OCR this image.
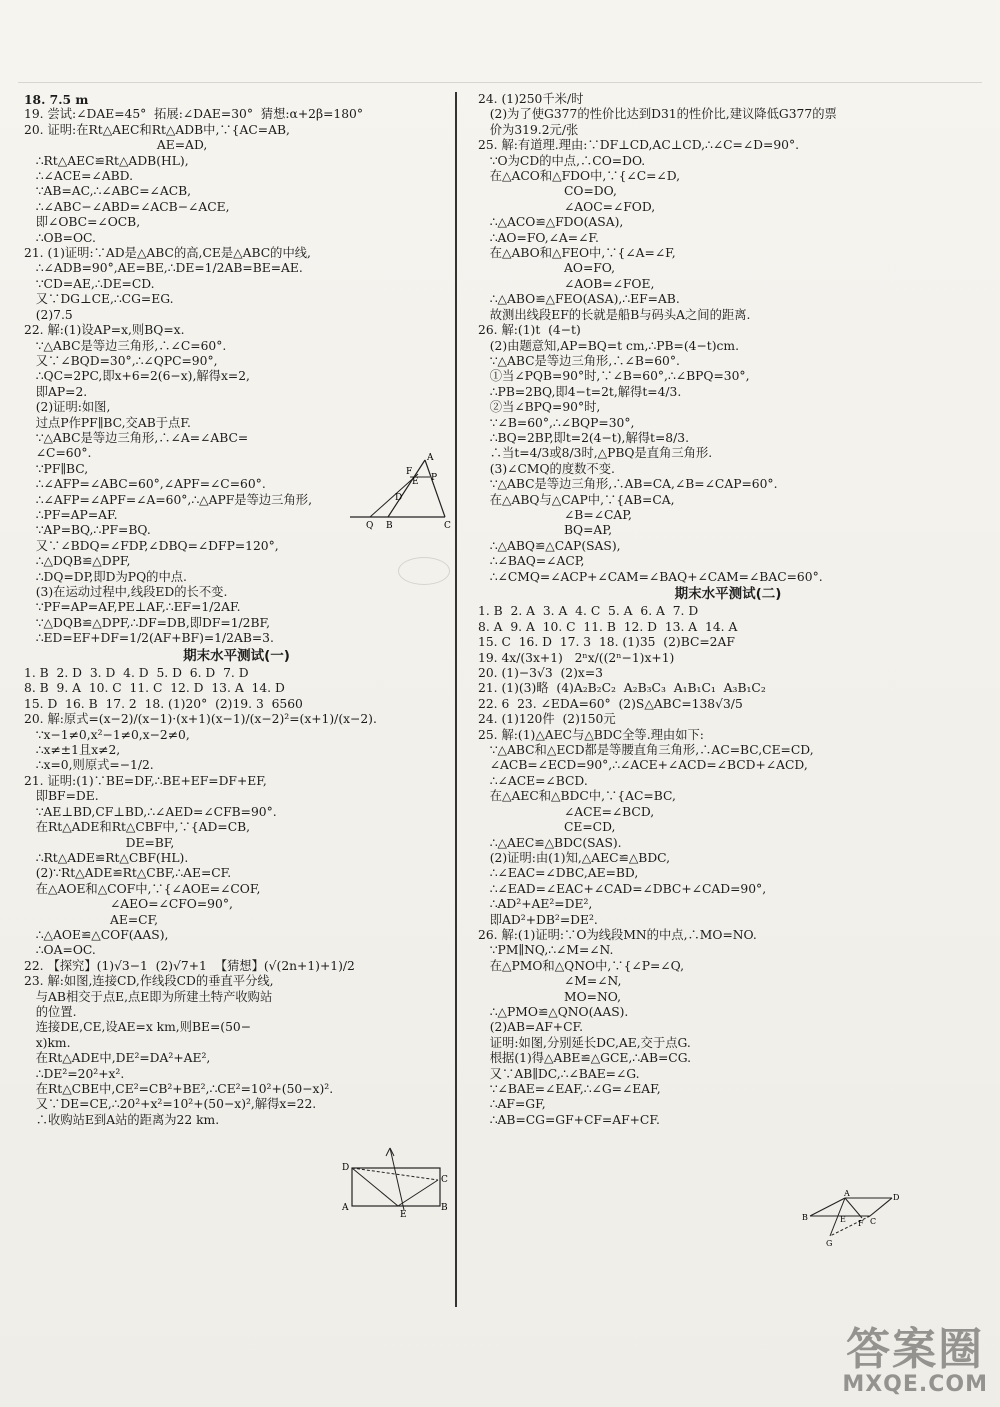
18. 7.5 m
19. 尝试:∠DAE=45°  拓展:∠DAE=30°  猜想:α+2β=180°
20. 证明:在Rt△AEC和Rt△ADB中,∵{AC=AB,
AE=AD,
∴Rt△AEC≌Rt△ADB(HL),
∴∠ACE=∠ABD.
∵AB=AC,∴∠ABC=∠ACB,
∴∠ABC−∠ABD=∠ACB−∠ACE,
即∠OBC=∠OCB,
∴OB=OC.
21. (1)证明:∵AD是△ABC的高,CE是△ABC的中线,
∴∠ADB=90°,AE=BE,∴DE=1/2AB=BE=AE.
∵CD=AE,∴DE=CD.
又∵DG⊥CE,∴CG=EG.
(2)7.5
22. 解:(1)设AP=x,则BQ=x.
∵△ABC是等边三角形,∴∠C=60°.
又∵∠BQD=30°,∴∠QPC=90°,
∴QC=2PC,即x+6=2(6−x),解得x=2,
即AP=2.
(2)证明:如图,
过点P作PF∥BC,交AB于点F.
∵△ABC是等边三角形,∴∠A=∠ABC=
∠C=60°.
∵PF∥BC,
∴∠AFP=∠ABC=60°,∠APF=∠C=60°.
∴∠AFP=∠APF=∠A=60°,∴△APF是等边三角形,
∴PF=AP=AF.
∵AP=BQ,∴PF=BQ.
又∵∠BDQ=∠FDP,∠DBQ=∠DFP=120°,
∴△DQB≌△DPF,
∴DQ=DP,即D为PQ的中点.
(3)在运动过程中,线段ED的长不变.
∵PF=AP=AF,PE⊥AF,∴EF=1/2AF.
∵△DQB≌△DPF,∴DF=DB,即DF=1/2BF,
∴ED=EF+DF=1/2(AF+BF)=1/2AB=3.
期末水平测试(一)
1. B  2. D  3. D  4. D  5. D  6. D  7. D
8. B  9. A  10. C  11. C  12. D  13. A  14. D
15. D  16. B  17. 2  18. (1)20°  (2)19. 3  6560
20. 解:原式=(x−2)/(x−1)·(x+1)(x−1)/(x−2)²=(x+1)/(x−2).
∵x−1≠0,x²−1≠0,x−2≠0,
∴x≠±1且x≠2,
∴x=0,则原式=−1/2.
21. 证明:(1)∵BE=DF,∴BE+EF=DF+EF,
即BF=DE.
∵AE⊥BD,CF⊥BD,∴∠AED=∠CFB=90°.
在Rt△ADE和Rt△CBF中,∵{AD=CB,
DE=BF,
∴Rt△ADE≌Rt△CBF(HL).
(2)∵Rt△ADE≌Rt△CBF,∴AE=CF.
在△AOE和△COF中,∵{∠AOE=∠COF,
∠AEO=∠CFO=90°,
AE=CF,
∴△AOE≌△COF(AAS),
∴OA=OC.
22. 【探究】(1)√3−1  (2)√7+1  【猜想】(√(2n+1)+1)/2
23. 解:如图,连接CD,作线段CD的垂直平分线,
与AB相交于点E,点E即为所建土特产收购站
的位置.
连接DE,CE,设AE=x km,则BE=(50−
x)km.
在Rt△ADE中,DE²=DA²+AE²,
∴DE²=20²+x².
在Rt△CBE中,CE²=CB²+BE²,∴CE²=10²+(50−x)².
又∵DE=CE,∴20²+x²=10²+(50−x)²,解得x=22.
∴收购站E到A站的距离为22 km.
24. (1)250千米/时
(2)为了使G377的性价比达到D31的性价比,建议降低G377的票
价为319.2元/张
25. 解:有道理.理由:∵DF⊥CD,AC⊥CD,∴∠C=∠D=90°.
∵O为CD的中点,∴CO=DO.
在△ACO和△FDO中,∵{∠C=∠D,
CO=DO,
∠AOC=∠FOD,
∴△ACO≌△FDO(ASA),
∴AO=FO,∠A=∠F.
在△ABO和△FEO中,∵{∠A=∠F,
AO=FO,
∠AOB=∠FOE,
∴△ABO≌△FEO(ASA),∴EF=AB.
故测出线段EF的长就是船B与码头A之间的距离.
26. 解:(1)t  (4−t)
(2)由题意知,AP=BQ=t cm,∴PB=(4−t)cm.
∵△ABC是等边三角形,∴∠B=60°.
①当∠PQB=90°时,∵∠B=60°,∴∠BPQ=30°,
∴PB=2BQ,即4−t=2t,解得t=4/3.
②当∠BPQ=90°时,
∵∠B=60°,∴∠BQP=30°,
∴BQ=2BP,即t=2(4−t),解得t=8/3.
∴当t=4/3或8/3时,△PBQ是直角三角形.
(3)∠CMQ的度数不变.
∵△ABC是等边三角形,∴AB=CA,∠B=∠CAP=60°.
在△ABQ与△CAP中,∵{AB=CA,
∠B=∠CAP,
BQ=AP,
∴△ABQ≌△CAP(SAS),
∴∠BAQ=∠ACP,
∴∠CMQ=∠ACP+∠CAM=∠BAQ+∠CAM=∠BAC=60°.
期末水平测试(二)
1. B  2. A  3. A  4. C  5. A  6. A  7. D
8. A  9. A  10. C  11. B  12. D  13. A  14. A
15. C  16. D  17. 3  18. (1)35  (2)BC=2AF
19. 4x/(3x+1)   2ⁿx/((2ⁿ−1)x+1)
20. (1)−3√3  (2)x=3
21. (1)(3)略  (4)A₂B₂C₂  A₂B₃C₃  A₁B₁C₁  A₃B₁C₂
22. 6  23. ∠EDA=60°  (2)S△ABC=138√3/5
24. (1)120件  (2)150元
25. 解:(1)△AEC与△BDC全等.理由如下:
∵△ABC和△ECD都是等腰直角三角形,∴AC=BC,CE=CD,
∠ACB=∠ECD=90°,∴∠ACE+∠ACD=∠BCD+∠ACD,
∴∠ACE=∠BCD.
在△AEC和△BDC中,∵{AC=BC,
∠ACE=∠BCD,
CE=CD,
∴△AEC≌△BDC(SAS).
(2)证明:由(1)知,△AEC≌△BDC,
∴∠EAC=∠DBC,AE=BD,
∴∠EAD=∠EAC+∠CAD=∠DBC+∠CAD=90°,
∴AD²+AE²=DE²,
即AD²+DB²=DE².
26. 解:(1)证明:∵O为线段MN的中点,∴MO=NO.
∵PM∥NQ,∴∠M=∠N.
在△PMO和△QNO中,∵{∠P=∠Q,
∠M=∠N,
MO=NO,
∴△PMO≌△QNO(AAS).
(2)AB=AF+CF.
证明:如图,分别延长DC,AE,交于点G.
根据(1)得△ABE≌△GCE,∴AB=CG.
又∵AB∥DC,∴∠BAE=∠G.
∵∠BAE=∠EAF,∴∠G=∠EAF,
∴AF=GF,
∴AB=CG=GF+CF=AF+CF.
A
F
E P
D
Q B	C
D
C
A
E
B
A
B	E F C
D
G
答案圈
MXQE.COM
